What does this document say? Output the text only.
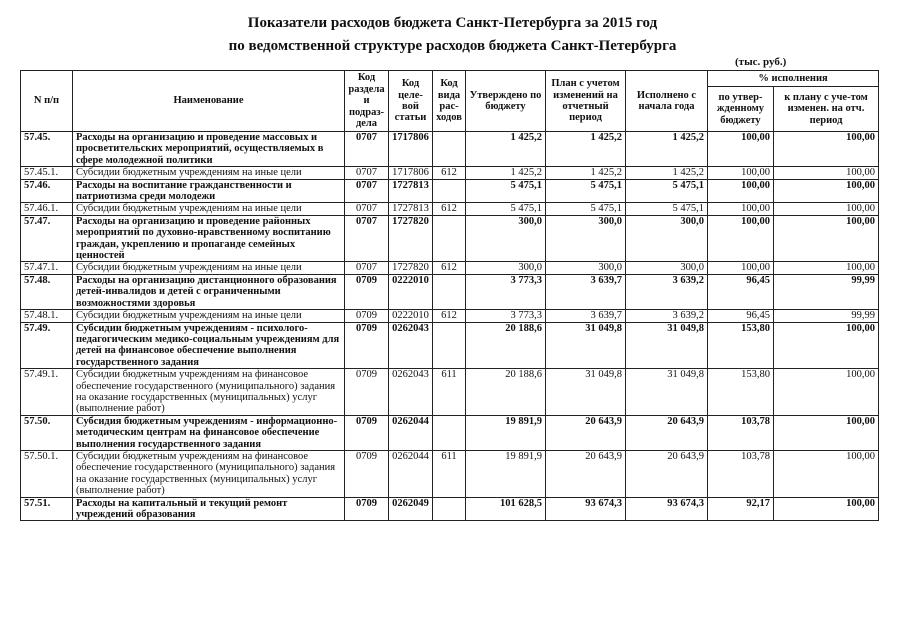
Показатели расходов бюджета Санкт-Петербурга за 2015 год
по ведомственной структуре расходов бюджета Санкт-Петербурга
(тыс. руб.)
N п/п	Наименование	Код раздела и подраз-дела	Код целе-вой статьи	Код вида рас-ходов	Утверждено по бюджету	План с учетом изменений на отчетный период	Исполнено с начала года	% исполнения	
								по утвер-жденному бюджету	к плану с уче-том изменен. на отч. период
57.45.	Расходы на организацию и проведение массовых и просветительских мероприятий, осуществляемых в сфере молодежной политики	0707	1717806		1 425,2	1 425,2	1 425,2	100,00	100,00
57.45.1.	Субсидии бюджетным учреждениям на иные цели	0707	1717806	612	1 425,2	1 425,2	1 425,2	100,00	100,00
57.46.	Расходы на воспитание гражданственности и патриотизма среди молодежи	0707	1727813		5 475,1	5 475,1	5 475,1	100,00	100,00
57.46.1.	Субсидии бюджетным учреждениям на иные цели	0707	1727813	612	5 475,1	5 475,1	5 475,1	100,00	100,00
57.47.	Расходы на организацию и проведение районных мероприятий по духовно-нравственному воспитанию граждан, укреплению и пропаганде семейных ценностей	0707	1727820		300,0	300,0	300,0	100,00	100,00
57.47.1.	Субсидии бюджетным учреждениям на иные цели	0707	1727820	612	300,0	300,0	300,0	100,00	100,00
57.48.	Расходы на организацию дистанционного образования детей-инвалидов и детей с ограниченными возможностями здоровья	0709	0222010		3 773,3	3 639,7	3 639,2	96,45	99,99
57.48.1.	Субсидии бюджетным учреждениям на иные цели	0709	0222010	612	3 773,3	3 639,7	3 639,2	96,45	99,99
57.49.	Субсидии бюджетным учреждениям - психолого-педагогическим медико-социальным учреждениям для детей на финансовое обеспечение выполнения государственного задания	0709	0262043		20 188,6	31 049,8	31 049,8	153,80	100,00
57.49.1.	Субсидии бюджетным учреждениям на финансовое обеспечение государственного (муниципального) задания на оказание государственных (муниципальных) услуг (выполнение работ)	0709	0262043	611	20 188,6	31 049,8	31 049,8	153,80	100,00
57.50.	Субсидия бюджетным учреждениям - информационно-методическим центрам на финансовое обеспечение выполнения государственного задания	0709	0262044		19 891,9	20 643,9	20 643,9	103,78	100,00
57.50.1.	Субсидии бюджетным учреждениям на финансовое обеспечение государственного (муниципального) задания на оказание государственных (муниципальных) услуг (выполнение работ)	0709	0262044	611	19 891,9	20 643,9	20 643,9	103,78	100,00
57.51.	Расходы на капитальный и текущий ремонт учреждений образования	0709	0262049		101 628,5	93 674,3	93 674,3	92,17	100,00
